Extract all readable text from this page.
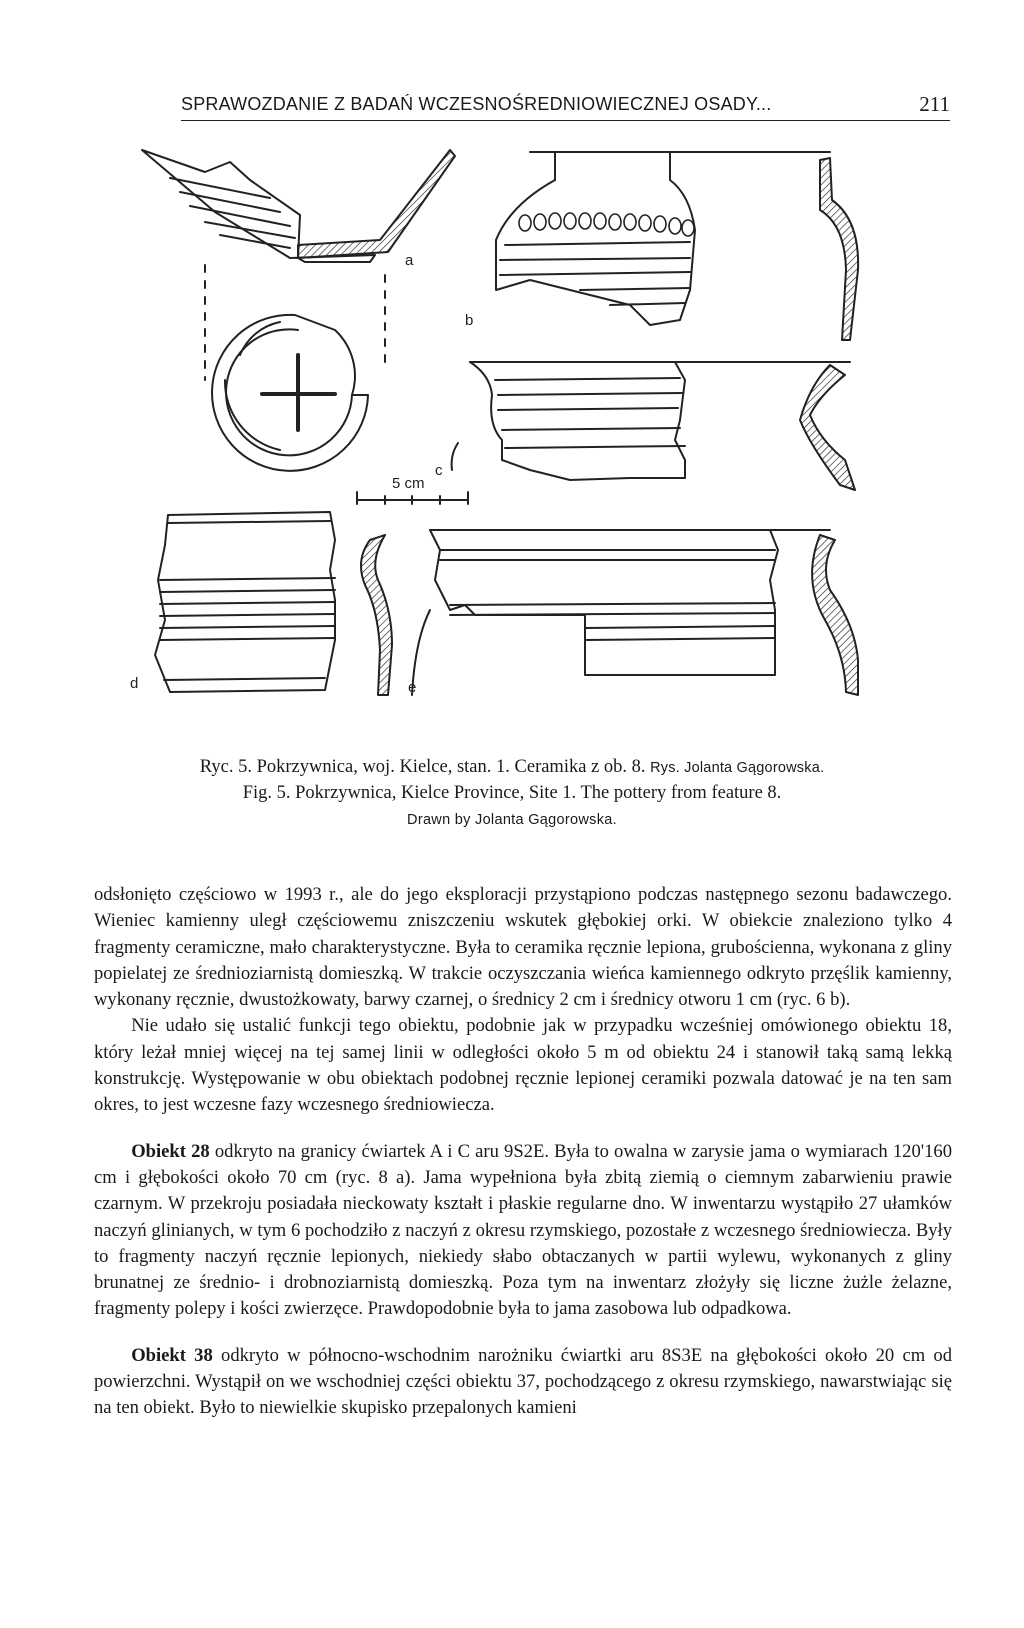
SPRAWOZDANIE Z BADAŃ WCZESNOŚREDNIOWIECZNEJ OSADY...	211
a
b
c
5 cm
d	e
Ryc. 5. Pokrzywnica, woj. Kielce, stan. 1. Ceramika z ob. 8. Rys. Jolanta Gągorowska.
Fig. 5. Pokrzywnica, Kielce Province, Site 1. The pottery from feature 8.
Drawn by Jolanta Gągorowska.

odsłonięto częściowo w 1993 r., ale do jego eksploracji przystąpiono podczas następnego sezonu badawczego. Wieniec kamienny uległ częściowemu zniszczeniu wskutek głębokiej orki. W obiekcie znaleziono tylko 4 fragmenty ceramiczne, mało charakterystyczne. Była to ceramika ręcznie lepiona, grubościenna, wykonana z gliny popielatej ze średnioziarnistą domieszką. W trakcie oczyszczania wieńca kamiennego odkryto przęślik kamienny, wykonany ręcznie, dwustożkowaty, barwy czarnej, o średnicy 2 cm i średnicy otworu 1 cm (ryc. 6 b).

Nie udało się ustalić funkcji tego obiektu, podobnie jak w przypadku wcześniej omówionego obiektu 18, który leżał mniej więcej na tej samej linii w odległości około 5 m od obiektu 24 i stanowił taką samą lekką konstrukcję. Występowanie w obu obiektach podobnej ręcznie lepionej ceramiki pozwala datować je na ten sam okres, to jest wczesne fazy wczesnego średniowiecza.

Obiekt 28 odkryto na granicy ćwiartek A i C aru 9S2E. Była to owalna w zarysie jama o wymiarach 120'160 cm i głębokości około 70 cm (ryc. 8 a). Jama wypełniona była zbitą ziemią o ciemnym zabarwieniu prawie czarnym. W przekroju posiadała nieckowaty kształt i płaskie regularne dno. W inwentarzu wystąpiło 27 ułamków naczyń glinianych, w tym 6 pochodziło z naczyń z okresu rzymskiego, pozostałe z wczesnego średniowiecza. Były to fragmenty naczyń ręcznie lepionych, niekiedy słabo obtaczanych w partii wylewu, wykonanych z gliny brunatnej ze średnio- i drobnoziarnistą domieszką. Poza tym na inwentarz złożyły się liczne żużle żelazne, fragmenty polepy i kości zwierzęce. Prawdopodobnie była to jama zasobowa lub odpadkowa.

Obiekt 38 odkryto w północno-wschodnim narożniku ćwiartki aru 8S3E na głębokości około 20 cm od powierzchni. Wystąpił on we wschodniej części obiektu 37, pochodzącego z okresu rzymskiego, nawarstwiając się na ten obiekt. Było to niewielkie skupisko przepalonych kamieni
